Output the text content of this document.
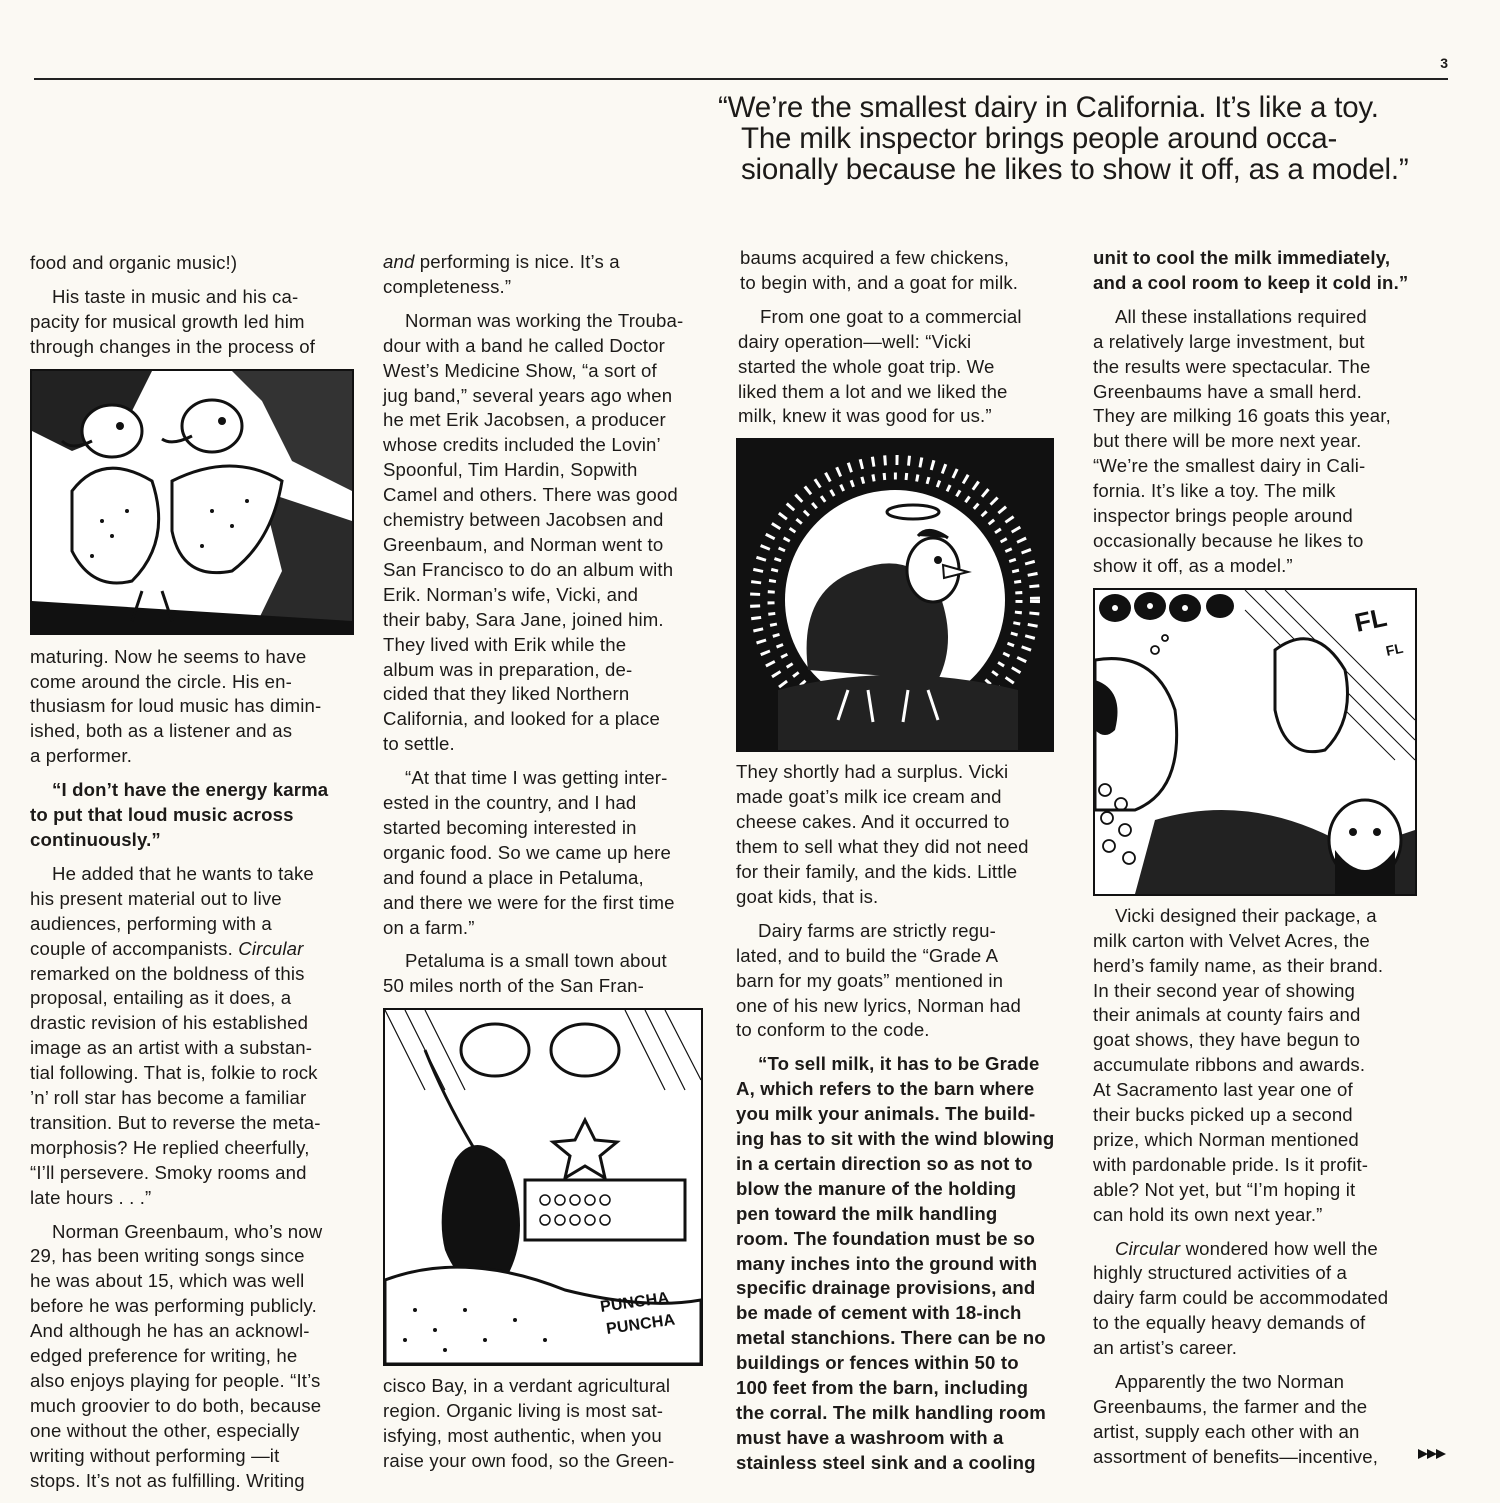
3
“We’re the smallest dairy in California. It’s like a toy.
The milk inspector brings people around occa-
sionally because he likes to show it off, as a model.”

food and organic music!)

His taste in music and his ca-
pacity for musical growth led him
through changes in the process of

maturing. Now he seems to have
come around the circle. His en-
thusiasm for loud music has dimin-
ished, both as a listener and as
a performer.

“I don’t have the energy karma
to put that loud music across
continuously.”

He added that he wants to take
his present material out to live
audiences, performing with a
couple of accompanists. Circular
remarked on the boldness of this
proposal, entailing as it does, a
drastic revision of his established
image as an artist with a substan-
tial following. That is, folkie to rock
’n’ roll star has become a familiar
transition. But to reverse the meta-
morphosis? He replied cheerfully,
“I’ll persevere. Smoky rooms and
late hours . . .”

Norman Greenbaum, who’s now
29, has been writing songs since
he was about 15, which was well
before he was performing publicly.
And although he has an acknowl-
edged preference for writing, he
also enjoys playing for people. “It’s
much groovier to do both, because
one without the other, especially
writing without performing —it
stops. It’s not as fulfilling. Writing

and performing is nice. It’s a
completeness.”

Norman was working the Trouba-
dour with a band he called Doctor
West’s Medicine Show, “a sort of
jug band,” several years ago when
he met Erik Jacobsen, a producer
whose credits included the Lovin’
Spoonful, Tim Hardin, Sopwith
Camel and others. There was good
chemistry between Jacobsen and
Greenbaum, and Norman went to
San Francisco to do an album with
Erik. Norman’s wife, Vicki, and
their baby, Sara Jane, joined him.
They lived with Erik while the
album was in preparation, de-
cided that they liked Northern
California, and looked for a place
to settle.

“At that time I was getting inter-
ested in the country, and I had
started becoming interested in
organic food. So we came up here
and found a place in Petaluma,
and there we were for the first time
on a farm.”

Petaluma is a small town about
50 miles north of the San Fran-

PUNCHA
PUNCHA

cisco Bay, in a verdant agricultural
region. Organic living is most sat-
isfying, most authentic, when you
raise your own food, so the Green-

baums acquired a few chickens,
to begin with, and a goat for milk.

From one goat to a commercial
dairy operation—well: “Vicki
started the whole goat trip. We
liked them a lot and we liked the
milk, knew it was good for us.”

They shortly had a surplus. Vicki
made goat’s milk ice cream and
cheese cakes. And it occurred to
them to sell what they did not need
for their family, and the kids. Little
goat kids, that is.

Dairy farms are strictly regu-
lated, and to build the “Grade A
barn for my goats” mentioned in
one of his new lyrics, Norman had
to conform to the code.

“To sell milk, it has to be Grade
A, which refers to the barn where
you milk your animals. The build-
ing has to sit with the wind blowing
in a certain direction so as not to
blow the manure of the holding
pen toward the milk handling
room. The foundation must be so
many inches into the ground with
specific drainage provisions, and
be made of cement with 18-inch
metal stanchions. There can be no
buildings or fences within 50 to
100 feet from the barn, including
the corral. The milk handling room
must have a washroom with a
stainless steel sink and a cooling

unit to cool the milk immediately,
and a cool room to keep it cold in.”

All these installations required
a relatively large investment, but
the results were spectacular. The
Greenbaums have a small herd.
They are milking 16 goats this year,
but there will be more next year.
“We’re the smallest dairy in Cali-
fornia. It’s like a toy. The milk
inspector brings people around
occasionally because he likes to
show it off, as a model.”

FL
FL

Vicki designed their package, a
milk carton with Velvet Acres, the
herd’s family name, as their brand.
In their second year of showing
their animals at county fairs and
goat shows, they have begun to
accumulate ribbons and awards.
At Sacramento last year one of
their bucks picked up a second
prize, which Norman mentioned
with pardonable pride. Is it profit-
able? Not yet, but “I’m hoping it
can hold its own next year.”

Circular wondered how well the
highly structured activities of a
dairy farm could be accommodated
to the equally heavy demands of
an artist’s career.

Apparently the two Norman
Greenbaums, the farmer and the
artist, supply each other with an
assortment of benefits—incentive,
